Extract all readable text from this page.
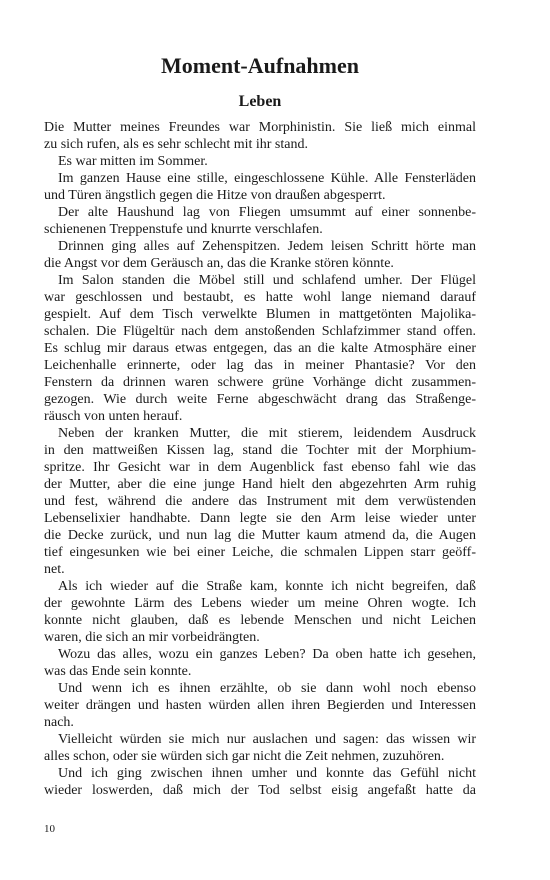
Moment-Aufnahmen
Leben
Die Mutter meines Freundes war Morphinistin. Sie ließ mich einmal
zu sich rufen, als es sehr schlecht mit ihr stand.
Es war mitten im Sommer.
Im ganzen Hause eine stille, eingeschlossene Kühle. Alle Fensterläden
und Türen ängstlich gegen die Hitze von draußen abgesperrt.
Der alte Haushund lag von Fliegen umsummt auf einer sonnenbe-
schienenen Treppenstufe und knurrte verschlafen.
Drinnen ging alles auf Zehenspitzen. Jedem leisen Schritt hörte man
die Angst vor dem Geräusch an, das die Kranke stören könnte.
Im Salon standen die Möbel still und schlafend umher. Der Flügel
war geschlossen und bestaubt, es hatte wohl lange niemand darauf
gespielt. Auf dem Tisch verwelkte Blumen in mattgetönten Majolika-
schalen. Die Flügeltür nach dem anstoßenden Schlafzimmer stand offen.
Es schlug mir daraus etwas entgegen, das an die kalte Atmosphäre einer
Leichenhalle erinnerte, oder lag das in meiner Phantasie? Vor den
Fenstern da drinnen waren schwere grüne Vorhänge dicht zusammen-
gezogen. Wie durch weite Ferne abgeschwächt drang das Straßenge-
räusch von unten herauf.
Neben der kranken Mutter, die mit stierem, leidendem Ausdruck
in den mattweißen Kissen lag, stand die Tochter mit der Morphium-
spritze. Ihr Gesicht war in dem Augenblick fast ebenso fahl wie das
der Mutter, aber die eine junge Hand hielt den abgezehrten Arm ruhig
und fest, während die andere das Instrument mit dem verwüstenden
Lebenselixier handhabte. Dann legte sie den Arm leise wieder unter
die Decke zurück, und nun lag die Mutter kaum atmend da, die Augen
tief eingesunken wie bei einer Leiche, die schmalen Lippen starr geöff-
net.
Als ich wieder auf die Straße kam, konnte ich nicht begreifen, daß
der gewohnte Lärm des Lebens wieder um meine Ohren wogte. Ich
konnte nicht glauben, daß es lebende Menschen und nicht Leichen
waren, die sich an mir vorbeidrängten.
Wozu das alles, wozu ein ganzes Leben? Da oben hatte ich gesehen,
was das Ende sein konnte.
Und wenn ich es ihnen erzählte, ob sie dann wohl noch ebenso
weiter drängen und hasten würden allen ihren Begierden und Interessen
nach.
Vielleicht würden sie mich nur auslachen und sagen: das wissen wir
alles schon, oder sie würden sich gar nicht die Zeit nehmen, zuzuhören.
Und ich ging zwischen ihnen umher und konnte das Gefühl nicht
wieder loswerden, daß mich der Tod selbst eisig angefaßt hatte da
10
